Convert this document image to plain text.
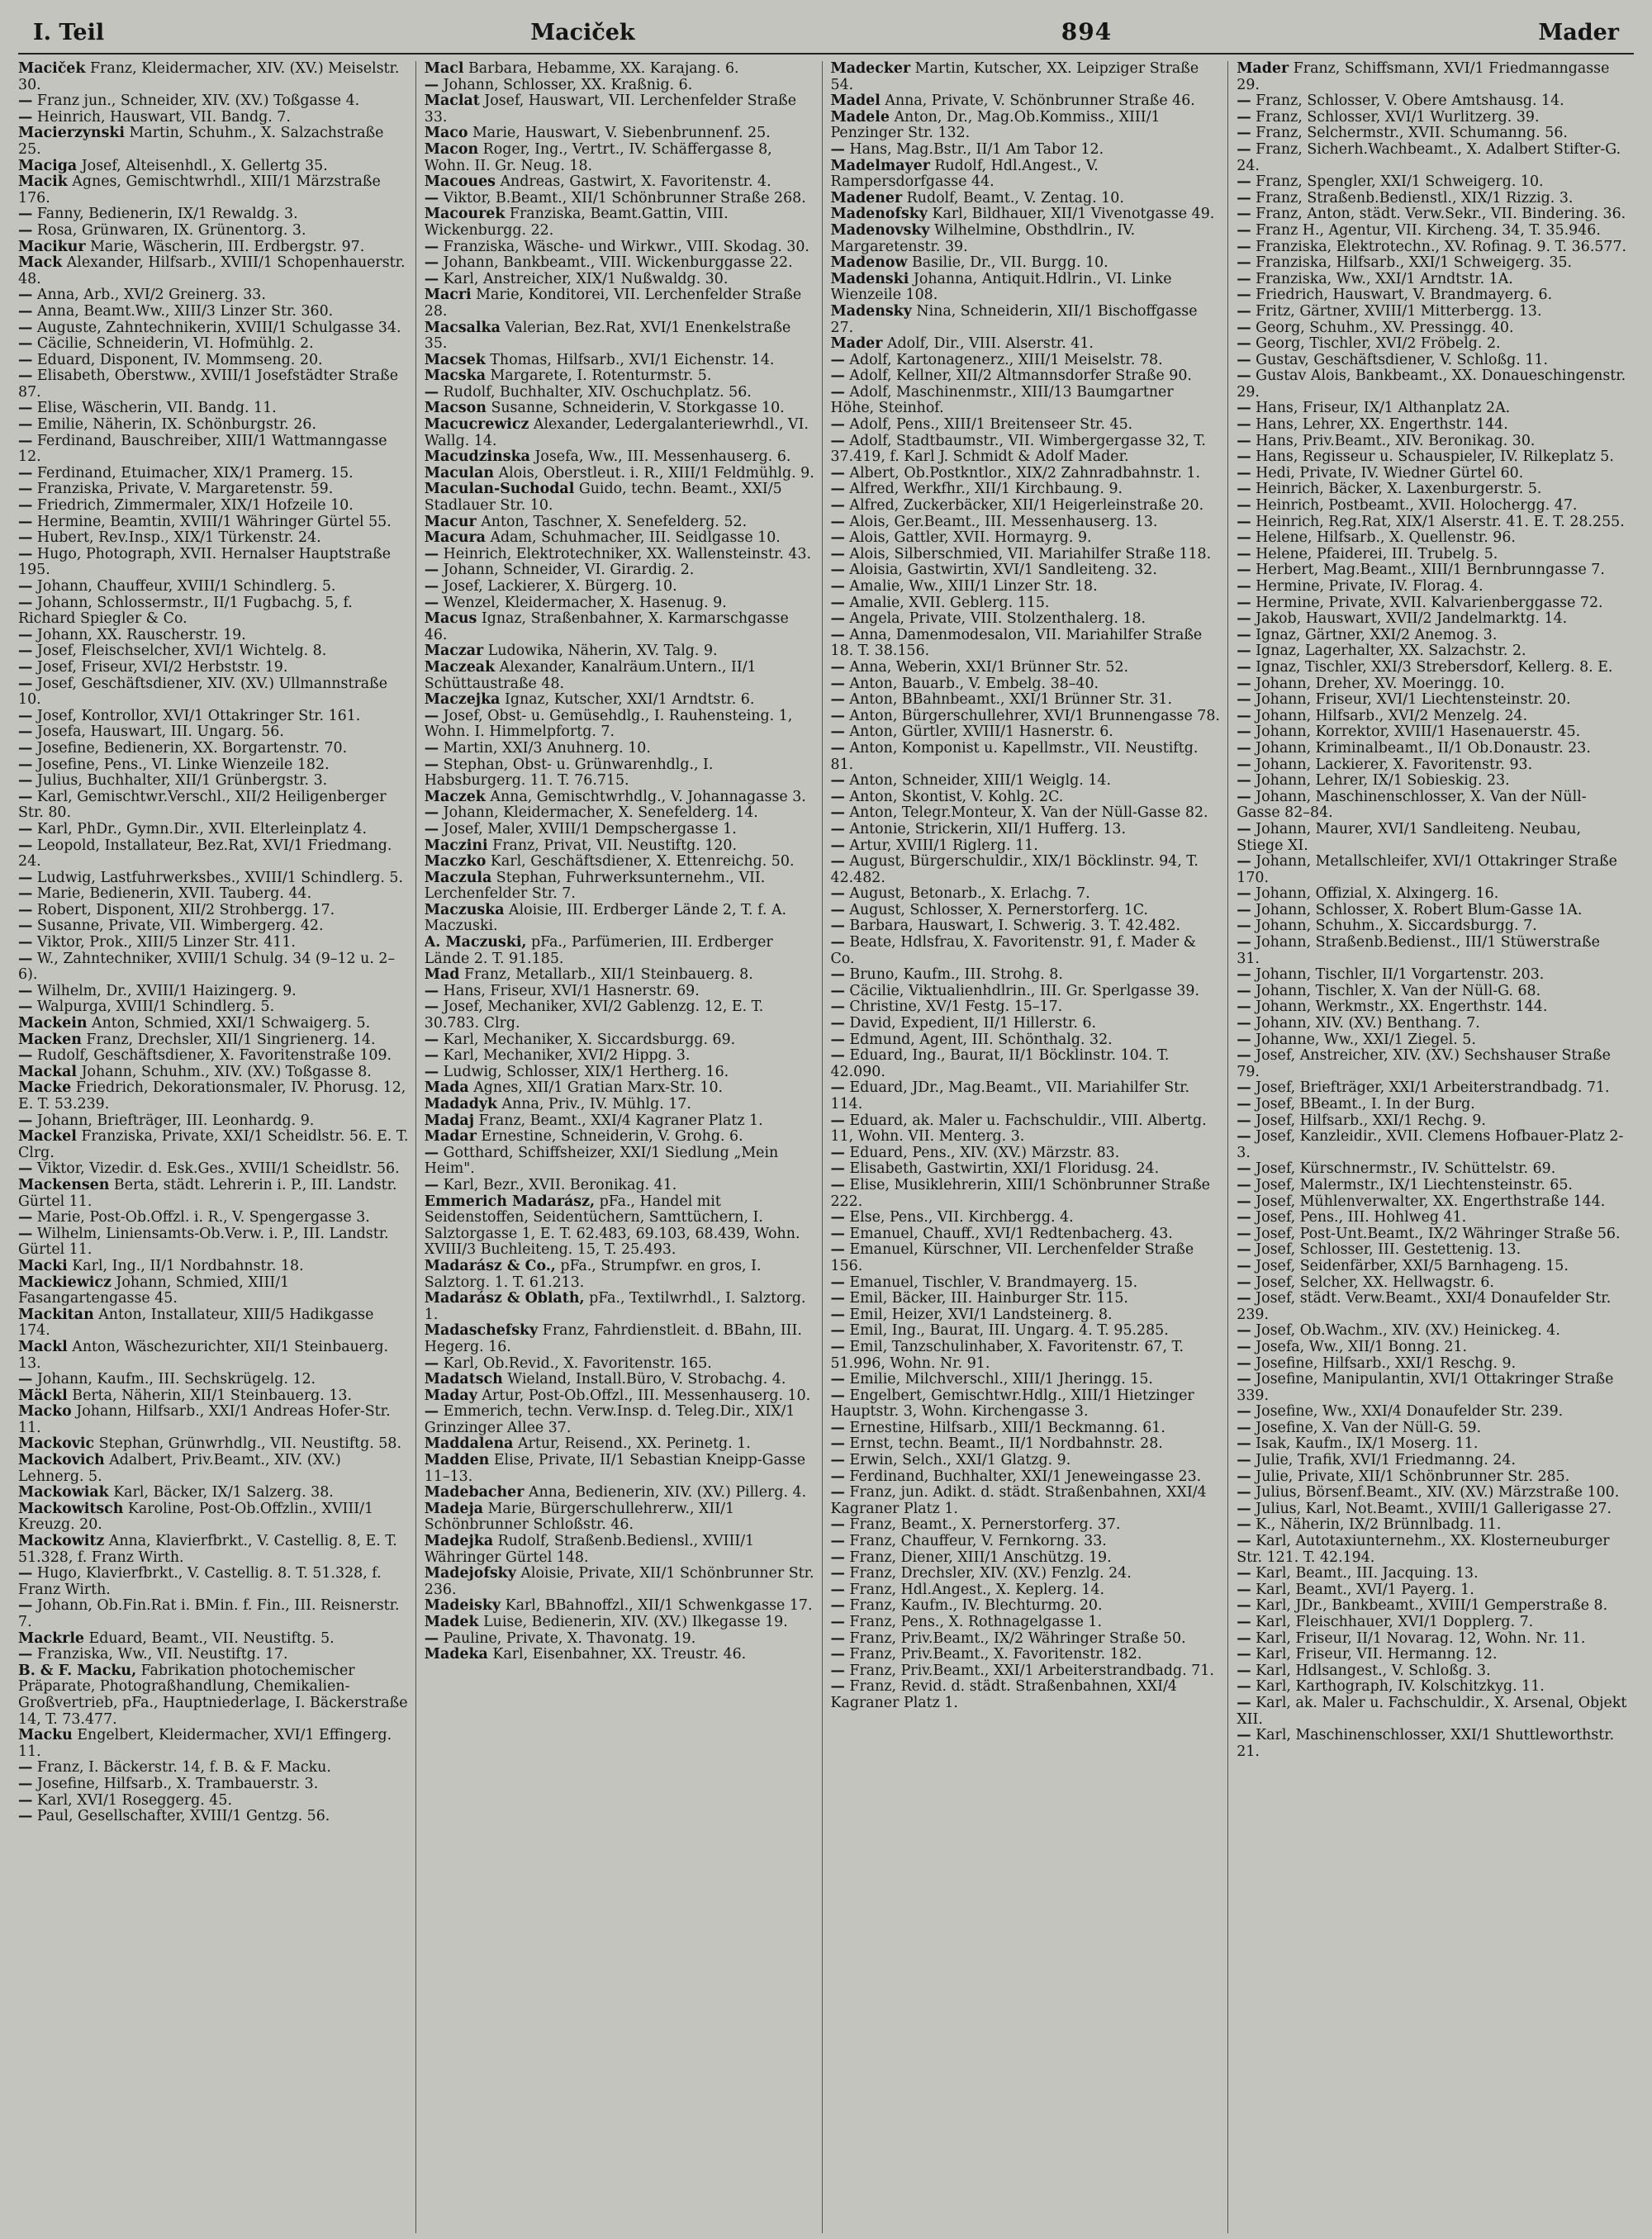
I. Teil	Maciček	894	Mader

Maciček Franz, Kleidermacher, XIV. (XV.) Meiselstr. 30.

— Franz jun., Schneider, XIV. (XV.) Toßgasse 4.

— Heinrich, Hauswart, VII. Bandg. 7.

Macierzynski Martin, Schuhm., X. Salzachstraße 25.

Maciga Josef, Alteisenhdl., X. Gellertg 35.

Macik Agnes, Gemischtwrhdl., XIII/1 Märzstraße 176.

— Fanny, Bedienerin, IX/1 Rewaldg. 3.

— Rosa, Grünwaren, IX. Grünentorg. 3.

Macikur Marie, Wäscherin, III. Erdbergstr. 97.

Mack Alexander, Hilfsarb., XVIII/1 Schopenhauerstr. 48.

— Anna, Arb., XVI/2 Greinerg. 33.

— Anna, Beamt.Ww., XIII/3 Linzer Str. 360.

— Auguste, Zahntechnikerin, XVIII/1 Schulgasse 34.

— Cäcilie, Schneiderin, VI. Hofmühlg. 2.

— Eduard, Disponent, IV. Mommseng. 20.

— Elisabeth, Oberstww., XVIII/1 Josefstädter Straße 87.

— Elise, Wäscherin, VII. Bandg. 11.

— Emilie, Näherin, IX. Schönburgstr. 26.

— Ferdinand, Bauschreiber, XIII/1 Wattmanngasse 12.

— Ferdinand, Etuimacher, XIX/1 Pramerg. 15.

— Franziska, Private, V. Margaretenstr. 59.

— Friedrich, Zimmermaler, XIX/1 Hofzeile 10.

— Hermine, Beamtin, XVIII/1 Währinger Gürtel 55.

— Hubert, Rev.Insp., XIX/1 Türkenstr. 24.

— Hugo, Photograph, XVII. Hernalser Hauptstraße 195.

— Johann, Chauffeur, XVIII/1 Schindlerg. 5.

— Johann, Schlossermstr., II/1 Fugbachg. 5, f. Richard Spiegler & Co.

— Johann, XX. Rauscherstr. 19.

— Josef, Fleischselcher, XVI/1 Wichtelg. 8.

— Josef, Friseur, XVI/2 Herbststr. 19.

— Josef, Geschäftsdiener, XIV. (XV.) Ullmannstraße 10.

— Josef, Kontrollor, XVI/1 Ottakringer Str. 161.

— Josefa, Hauswart, III. Ungarg. 56.

— Josefine, Bedienerin, XX. Borgartenstr. 70.

— Josefine, Pens., VI. Linke Wienzeile 182.

— Julius, Buchhalter, XII/1 Grünbergstr. 3.

— Karl, Gemischtwr.Verschl., XII/2 Heiligenberger Str. 80.

— Karl, PhDr., Gymn.Dir., XVII. Elterleinplatz 4.

— Leopold, Installateur, Bez.Rat, XVI/1 Friedmang. 24.

— Ludwig, Lastfuhrwerksbes., XVIII/1 Schindlerg. 5.

— Marie, Bedienerin, XVII. Tauberg. 44.

— Robert, Disponent, XII/2 Strohbergg. 17.

— Susanne, Private, VII. Wimbergerg. 42.

— Viktor, Prok., XIII/5 Linzer Str. 411.

— W., Zahntechniker, XVIII/1 Schulg. 34 (9–12 u. 2–6).

— Wilhelm, Dr., XVIII/1 Haizingerg. 9.

— Walpurga, XVIII/1 Schindlerg. 5.

Mackein Anton, Schmied, XXI/1 Schwaigerg. 5.

Macken Franz, Drechsler, XII/1 Singrienerg. 14.

— Rudolf, Geschäftsdiener, X. Favoritenstraße 109.

Mackal Johann, Schuhm., XIV. (XV.) Toßgasse 8.

Macke Friedrich, Dekorationsmaler, IV. Phorusg. 12, E. T. 53.239.

— Johann, Briefträger, III. Leonhardg. 9.

Mackel Franziska, Private, XXI/1 Scheidlstr. 56. E. T. Clrg.

— Viktor, Vizedir. d. Esk.Ges., XVIII/1 Scheidlstr. 56.

Mackensen Berta, städt. Lehrerin i. P., III. Landstr. Gürtel 11.

— Marie, Post-Ob.Offzl. i. R., V. Spengergasse 3.

— Wilhelm, Liniensamts-Ob.Verw. i. P., III. Landstr. Gürtel 11.

Macki Karl, Ing., II/1 Nordbahnstr. 18.

Mackiewicz Johann, Schmied, XIII/1 Fasangartengasse 45.

Mackitan Anton, Installateur, XIII/5 Hadikgasse 174.

Mackl Anton, Wäschezurichter, XII/1 Steinbauerg. 13.

— Johann, Kaufm., III. Sechskrügelg. 12.

Mäckl Berta, Näherin, XII/1 Steinbauerg. 13.

Macko Johann, Hilfsarb., XXI/1 Andreas Hofer-Str. 11.

Mackovic Stephan, Grünwrhdlg., VII. Neustiftg. 58.

Mackovich Adalbert, Priv.Beamt., XIV. (XV.) Lehnerg. 5.

Mackowiak Karl, Bäcker, IX/1 Salzerg. 38.

Mackowitsch Karoline, Post-Ob.Offzlin., XVIII/1 Kreuzg. 20.

Mackowitz Anna, Klavierfbrkt., V. Castellig. 8, E. T. 51.328, f. Franz Wirth.

— Hugo, Klavierfbrkt., V. Castellig. 8. T. 51.328, f. Franz Wirth.

— Johann, Ob.Fin.Rat i. BMin. f. Fin., III. Reisnerstr. 7.

Mackrle Eduard, Beamt., VII. Neustiftg. 5.

— Franziska, Ww., VII. Neustiftg. 17.

B. & F. Macku, Fabrikation photochemischer Präparate, Photograßhandlung, Chemikalien-Großvertrieb, pFa., Hauptniederlage, I. Bäckerstraße 14, T. 73.477.

Macku Engelbert, Kleidermacher, XVI/1 Effingerg. 11.

— Franz, I. Bäckerstr. 14, f. B. & F. Macku.

— Josefine, Hilfsarb., X. Trambauerstr. 3.

— Karl, XVI/1 Roseggerg. 45.

— Paul, Gesellschafter, XVIII/1 Gentzg. 56.

Macl Barbara, Hebamme, XX. Karajang. 6.

— Johann, Schlosser, XX. Kraßnig. 6.

Maclat Josef, Hauswart, VII. Lerchenfelder Straße 33.

Maco Marie, Hauswart, V. Siebenbrunnenf. 25.

Macon Roger, Ing., Vertrt., IV. Schäffergasse 8, Wohn. II. Gr. Neug. 18.

Macoues Andreas, Gastwirt, X. Favoritenstr. 4.

— Viktor, B.Beamt., XII/1 Schönbrunner Straße 268.

Macourek Franziska, Beamt.Gattin, VIII. Wickenburgg. 22.

— Franziska, Wäsche- und Wirkwr., VIII. Skodag. 30.

— Johann, Bankbeamt., VIII. Wickenburggasse 22.

— Karl, Anstreicher, XIX/1 Nußwaldg. 30.

Macri Marie, Konditorei, VII. Lerchenfelder Straße 28.

Macsalka Valerian, Bez.Rat, XVI/1 Enenkelstraße 35.

Macsek Thomas, Hilfsarb., XVI/1 Eichenstr. 14.

Macska Margarete, I. Rotenturmstr. 5.

— Rudolf, Buchhalter, XIV. Oschuchplatz. 56.

Macson Susanne, Schneiderin, V. Storkgasse 10.

Macucrewicz Alexander, Ledergalanteriewrhdl., VI. Wallg. 14.

Macudzinska Josefa, Ww., III. Messenhauserg. 6.

Maculan Alois, Oberstleut. i. R., XIII/1 Feldmühlg. 9.

Maculan-Suchodal Guido, techn. Beamt., XXI/5 Stadlauer Str. 10.

Macur Anton, Taschner, X. Senefelderg. 52.

Macura Adam, Schuhmacher, III. Seidlgasse 10.

— Heinrich, Elektrotechniker, XX. Wallensteinstr. 43.

— Johann, Schneider, VI. Girardig. 2.

— Josef, Lackierer, X. Bürgerg. 10.

— Wenzel, Kleidermacher, X. Hasenug. 9.

Macus Ignaz, Straßenbahner, X. Karmarschgasse 46.

Maczar Ludowika, Näherin, XV. Talg. 9.

Maczeak Alexander, Kanalräum.Untern., II/1 Schüttaustraße 48.

Maczejka Ignaz, Kutscher, XXI/1 Arndtstr. 6.

— Josef, Obst- u. Gemüsehdlg., I. Rauhensteing. 1, Wohn. I. Himmelpfortg. 7.

— Martin, XXI/3 Anuhnerg. 10.

— Stephan, Obst- u. Grünwarenhdlg., I. Habsburgerg. 11. T. 76.715.

Maczek Anna, Gemischtwrhdlg., V. Johannagasse 3.

— Johann, Kleidermacher, X. Senefelderg. 14.

— Josef, Maler, XVIII/1 Dempschergasse 1.

Maczini Franz, Privat, VII. Neustiftg. 120.

Maczko Karl, Geschäftsdiener, X. Ettenreichg. 50.

Maczula Stephan, Fuhrwerksunternehm., VII. Lerchenfelder Str. 7.

Maczuska Aloisie, III. Erdberger Lände 2, T. f. A. Maczuski.

A. Maczuski, pFa., Parfümerien, III. Erdberger Lände 2. T. 91.185.

Mad Franz, Metallarb., XII/1 Steinbauerg. 8.

— Hans, Friseur, XVI/1 Hasnerstr. 69.

— Josef, Mechaniker, XVI/2 Gablenzg. 12, E. T. 30.783. Clrg.

— Karl, Mechaniker, X. Siccardsburgg. 69.

— Karl, Mechaniker, XVI/2 Hippg. 3.

— Ludwig, Schlosser, XIX/1 Hertherg. 16.

Mada Agnes, XII/1 Gratian Marx-Str. 10.

Madadyk Anna, Priv., IV. Mühlg. 17.

Madaj Franz, Beamt., XXI/4 Kagraner Platz 1.

Madar Ernestine, Schneiderin, V. Grohg. 6.

— Gotthard, Schiffsheizer, XXI/1 Siedlung „Mein Heim".

— Karl, Bezr., XVII. Beronikag. 41.

Emmerich Madarász, pFa., Handel mit Seidenstoffen, Seidentüchern, Samttüchern, I. Salztorgasse 1, E. T. 62.483, 69.103, 68.439, Wohn. XVIII/3 Buchleiteng. 15, T. 25.493.

Madarász & Co., pFa., Strumpfwr. en gros, I. Salztorg. 1. T. 61.213.

Madarász & Oblath, pFa., Textilwrhdl., I. Salztorg. 1.

Madaschefsky Franz, Fahrdienstleit. d. BBahn, III. Hegerg. 16.

— Karl, Ob.Revid., X. Favoritenstr. 165.

Madatsch Wieland, Install.Büro, V. Strobachg. 4.

Maday Artur, Post-Ob.Offzl., III. Messenhauserg. 10.

— Emmerich, techn. Verw.Insp. d. Teleg.Dir., XIX/1 Grinzinger Allee 37.

Maddalena Artur, Reisend., XX. Perinetg. 1.

Madden Elise, Private, II/1 Sebastian Kneipp-Gasse 11–13.

Madebacher Anna, Bedienerin, XIV. (XV.) Pillerg. 4.

Madeja Marie, Bürgerschullehrerw., XII/1 Schönbrunner Schloßstr. 46.

Madejka Rudolf, Straßenb.Bediensl., XVIII/1 Währinger Gürtel 148.

Madejofsky Aloisie, Private, XII/1 Schönbrunner Str. 236.

Madeisky Karl, BBahnoffzl., XII/1 Schwenkgasse 17.

Madek Luise, Bedienerin, XIV. (XV.) Ilkegasse 19.

— Pauline, Private, X. Thavonatg. 19.

Madeka Karl, Eisenbahner, XX. Treustr. 46.

Madecker Martin, Kutscher, XX. Leipziger Straße 54.

Madel Anna, Private, V. Schönbrunner Straße 46.

Madele Anton, Dr., Mag.Ob.Kommiss., XIII/1 Penzinger Str. 132.

— Hans, Mag.Bstr., II/1 Am Tabor 12.

Madelmayer Rudolf, Hdl.Angest., V. Rampersdorfgasse 44.

Madener Rudolf, Beamt., V. Zentag. 10.

Madenofsky Karl, Bildhauer, XII/1 Vivenotgasse 49.

Madenovsky Wilhelmine, Obsthdlrin., IV. Margaretenstr. 39.

Madenow Basilie, Dr., VII. Burgg. 10.

Madenski Johanna, Antiquit.Hdlrin., VI. Linke Wienzeile 108.

Madensky Nina, Schneiderin, XII/1 Bischoffgasse 27.

Mader Adolf, Dir., VIII. Alserstr. 41.

— Adolf, Kartonagenerz., XIII/1 Meiselstr. 78.

— Adolf, Kellner, XII/2 Altmannsdorfer Straße 90.

— Adolf, Maschinenmstr., XIII/13 Baumgartner Höhe, Steinhof.

— Adolf, Pens., XIII/1 Breitenseer Str. 45.

— Adolf, Stadtbaumstr., VII. Wimbergergasse 32, T. 37.419, f. Karl J. Schmidt & Adolf Mader.

— Albert, Ob.Postkntlor., XIX/2 Zahnradbahnstr. 1.

— Alfred, Werkfhr., XII/1 Kirchbaung. 9.

— Alfred, Zuckerbäcker, XII/1 Heigerleinstraße 20.

— Alois, Ger.Beamt., III. Messenhauserg. 13.

— Alois, Gattler, XVII. Hormayrg. 9.

— Alois, Silberschmied, VII. Mariahilfer Straße 118.

— Aloisia, Gastwirtin, XVI/1 Sandleiteng. 32.

— Amalie, Ww., XIII/1 Linzer Str. 18.

— Amalie, XVII. Geblerg. 115.

— Angela, Private, VIII. Stolzenthalerg. 18.

— Anna, Damenmodesalon, VII. Mariahilfer Straße 18. T. 38.156.

— Anna, Weberin, XXI/1 Brünner Str. 52.

— Anton, Bauarb., V. Embelg. 38–40.

— Anton, BBahnbeamt., XXI/1 Brünner Str. 31.

— Anton, Bürgerschullehrer, XVI/1 Brunnengasse 78.

— Anton, Gürtler, XVIII/1 Hasnerstr. 6.

— Anton, Komponist u. Kapellmstr., VII. Neustiftg. 81.

— Anton, Schneider, XIII/1 Weiglg. 14.

— Anton, Skontist, V. Kohlg. 2C.

— Anton, Telegr.Monteur, X. Van der Nüll-Gasse 82.

— Antonie, Strickerin, XII/1 Hufferg. 13.

— Artur, XVIII/1 Riglerg. 11.

— August, Bürgerschuldir., XIX/1 Böcklinstr. 94, T. 42.482.

— August, Betonarb., X. Erlachg. 7.

— August, Schlosser, X. Pernerstorferg. 1C.

— Barbara, Hauswart, I. Schwerig. 3. T. 42.482.

— Beate, Hdlsfrau, X. Favoritenstr. 91, f. Mader & Co.

— Bruno, Kaufm., III. Strohg. 8.

— Cäcilie, Viktualienhdlrin., III. Gr. Sperlgasse 39.

— Christine, XV/1 Festg. 15–17.

— David, Expedient, II/1 Hillerstr. 6.

— Edmund, Agent, III. Schönthalg. 32.

— Eduard, Ing., Baurat, II/1 Böcklinstr. 104. T. 42.090.

— Eduard, JDr., Mag.Beamt., VII. Mariahilfer Str. 114.

— Eduard, ak. Maler u. Fachschuldir., VIII. Albertg. 11, Wohn. VII. Menterg. 3.

— Eduard, Pens., XIV. (XV.) Märzstr. 83.

— Elisabeth, Gastwirtin, XXI/1 Floridusg. 24.

— Elise, Musiklehrerin, XIII/1 Schönbrunner Straße 222.

— Else, Pens., VII. Kirchbergg. 4.

— Emanuel, Chauff., XVI/1 Redtenbacherg. 43.

— Emanuel, Kürschner, VII. Lerchenfelder Straße 156.

— Emanuel, Tischler, V. Brandmayerg. 15.

— Emil, Bäcker, III. Hainburger Str. 115.

— Emil, Heizer, XVI/1 Landsteinerg. 8.

— Emil, Ing., Baurat, III. Ungarg. 4. T. 95.285.

— Emil, Tanzschulinhaber, X. Favoritenstr. 67, T. 51.996, Wohn. Nr. 91.

— Emilie, Milchverschl., XIII/1 Jheringg. 15.

— Engelbert, Gemischtwr.Hdlg., XIII/1 Hietzinger Hauptstr. 3, Wohn. Kirchengasse 3.

— Ernestine, Hilfsarb., XIII/1 Beckmanng. 61.

— Ernst, techn. Beamt., II/1 Nordbahnstr. 28.

— Erwin, Selch., XXI/1 Glatzg. 9.

— Ferdinand, Buchhalter, XXI/1 Jeneweingasse 23.

— Franz, jun. Adikt. d. städt. Straßenbahnen, XXI/4 Kagraner Platz 1.

— Franz, Beamt., X. Pernerstorferg. 37.

— Franz, Chauffeur, V. Fernkorng. 33.

— Franz, Diener, XIII/1 Anschützg. 19.

— Franz, Drechsler, XIV. (XV.) Fenzlg. 24.

— Franz, Hdl.Angest., X. Keplerg. 14.

— Franz, Kaufm., IV. Blechturmg. 20.

— Franz, Pens., X. Rothnagelgasse 1.

— Franz, Priv.Beamt., IX/2 Währinger Straße 50.

— Franz, Priv.Beamt., X. Favoritenstr. 182.

— Franz, Priv.Beamt., XXI/1 Arbeiterstrandbadg. 71.

— Franz, Revid. d. städt. Straßenbahnen, XXI/4 Kagraner Platz 1.

Mader Franz, Schiffsmann, XVI/1 Friedmanngasse 29.

— Franz, Schlosser, V. Obere Amtshausg. 14.

— Franz, Schlosser, XVI/1 Wurlitzerg. 39.

— Franz, Selchermstr., XVII. Schumanng. 56.

— Franz, Sicherh.Wachbeamt., X. Adalbert Stifter-G. 24.

— Franz, Spengler, XXI/1 Schweigerg. 10.

— Franz, Straßenb.Bedienstl., XIX/1 Rizzig. 3.

— Franz, Anton, städt. Verw.Sekr., VII. Bindering. 36.

— Franz H., Agentur, VII. Kircheng. 34, T. 35.946.

— Franziska, Elektrotechn., XV. Rofinag. 9. T. 36.577.

— Franziska, Hilfsarb., XXI/1 Schweigerg. 35.

— Franziska, Ww., XXI/1 Arndtstr. 1A.

— Friedrich, Hauswart, V. Brandmayerg. 6.

— Fritz, Gärtner, XVIII/1 Mitterbergg. 13.

— Georg, Schuhm., XV. Pressingg. 40.

— Georg, Tischler, XVI/2 Fröbelg. 2.

— Gustav, Geschäftsdiener, V. Schloßg. 11.

— Gustav Alois, Bankbeamt., XX. Donaueschingenstr. 29.

— Hans, Friseur, IX/1 Althanplatz 2A.

— Hans, Lehrer, XX. Engerthstr. 144.

— Hans, Priv.Beamt., XIV. Beronikag. 30.

— Hans, Regisseur u. Schauspieler, IV. Rilkeplatz 5.

— Hedi, Private, IV. Wiedner Gürtel 60.

— Heinrich, Bäcker, X. Laxenburgerstr. 5.

— Heinrich, Postbeamt., XVII. Holochergg. 47.

— Heinrich, Reg.Rat, XIX/1 Alserstr. 41. E. T. 28.255.

— Helene, Hilfsarb., X. Quellenstr. 96.

— Helene, Pfaiderei, III. Trubelg. 5.

— Herbert, Mag.Beamt., XIII/1 Bernbrunngasse 7.

— Hermine, Private, IV. Florag. 4.

— Hermine, Private, XVII. Kalvarienberggasse 72.

— Jakob, Hauswart, XVII/2 Jandelmarktg. 14.

— Ignaz, Gärtner, XXI/2 Anemog. 3.

— Ignaz, Lagerhalter, XX. Salzachstr. 2.

— Ignaz, Tischler, XXI/3 Strebersdorf, Kellerg. 8. E.

— Johann, Dreher, XV. Moeringg. 10.

— Johann, Friseur, XVI/1 Liechtensteinstr. 20.

— Johann, Hilfsarb., XVI/2 Menzelg. 24.

— Johann, Korrektor, XVIII/1 Hasenauerstr. 45.

— Johann, Kriminalbeamt., II/1 Ob.Donaustr. 23.

— Johann, Lackierer, X. Favoritenstr. 93.

— Johann, Lehrer, IX/1 Sobieskig. 23.

— Johann, Maschinenschlosser, X. Van der Nüll-Gasse 82–84.

— Johann, Maurer, XVI/1 Sandleiteng. Neubau, Stiege XI.

— Johann, Metallschleifer, XVI/1 Ottakringer Straße 170.

— Johann, Offizial, X. Alxingerg. 16.

— Johann, Schlosser, X. Robert Blum-Gasse 1A.

— Johann, Schuhm., X. Siccardsburgg. 7.

— Johann, Straßenb.Bedienst., III/1 Stüwerstraße 31.

— Johann, Tischler, II/1 Vorgartenstr. 203.

— Johann, Tischler, X. Van der Nüll-G. 68.

— Johann, Werkmstr., XX. Engerthstr. 144.

— Johann, XIV. (XV.) Benthang. 7.

— Johanne, Ww., XXI/1 Ziegel. 5.

— Josef, Anstreicher, XIV. (XV.) Sechshauser Straße 79.

— Josef, Briefträger, XXI/1 Arbeiterstrandbadg. 71.

— Josef, BBeamt., I. In der Burg.

— Josef, Hilfsarb., XXI/1 Rechg. 9.

— Josef, Kanzleidir., XVII. Clemens Hofbauer-Platz 2-3.

— Josef, Kürschnermstr., IV. Schüttelstr. 69.

— Josef, Malermstr., IX/1 Liechtensteinstr. 65.

— Josef, Mühlenverwalter, XX. Engerthstraße 144.

— Josef, Pens., III. Hohlweg 41.

— Josef, Post-Unt.Beamt., IX/2 Währinger Straße 56.

— Josef, Schlosser, III. Gestettenig. 13.

— Josef, Seidenfärber, XXI/5 Barnhageng. 15.

— Josef, Selcher, XX. Hellwagstr. 6.

— Josef, städt. Verw.Beamt., XXI/4 Donaufelder Str. 239.

— Josef, Ob.Wachm., XIV. (XV.) Heinickeg. 4.

— Josefa, Ww., XII/1 Bonng. 21.

— Josefine, Hilfsarb., XXI/1 Reschg. 9.

— Josefine, Manipulantin, XVI/1 Ottakringer Straße 339.

— Josefine, Ww., XXI/4 Donaufelder Str. 239.

— Josefine, X. Van der Nüll-G. 59.

— Isak, Kaufm., IX/1 Moserg. 11.

— Julie, Trafik, XVI/1 Friedmanng. 24.

— Julie, Private, XII/1 Schönbrunner Str. 285.

— Julius, Börsenf.Beamt., XIV. (XV.) Märzstraße 100.

— Julius, Karl, Not.Beamt., XVIII/1 Gallerigasse 27.

— K., Näherin, IX/2 Brünnlbadg. 11.

— Karl, Autotaxiunternehm., XX. Klosterneuburger Str. 121. T. 42.194.

— Karl, Beamt., III. Jacquing. 13.

— Karl, Beamt., XVI/1 Payerg. 1.

— Karl, JDr., Bankbeamt., XVIII/1 Gemperstraße 8.

— Karl, Fleischhauer, XVI/1 Dopplerg. 7.

— Karl, Friseur, II/1 Novarag. 12, Wohn. Nr. 11.

— Karl, Friseur, VII. Hermanng. 12.

— Karl, Hdlsangest., V. Schloßg. 3.

— Karl, Karthograph, IV. Kolschitzkyg. 11.

— Karl, ak. Maler u. Fachschuldir., X. Arsenal, Objekt XII.

— Karl, Maschinenschlosser, XXI/1 Shuttleworthstr. 21.
